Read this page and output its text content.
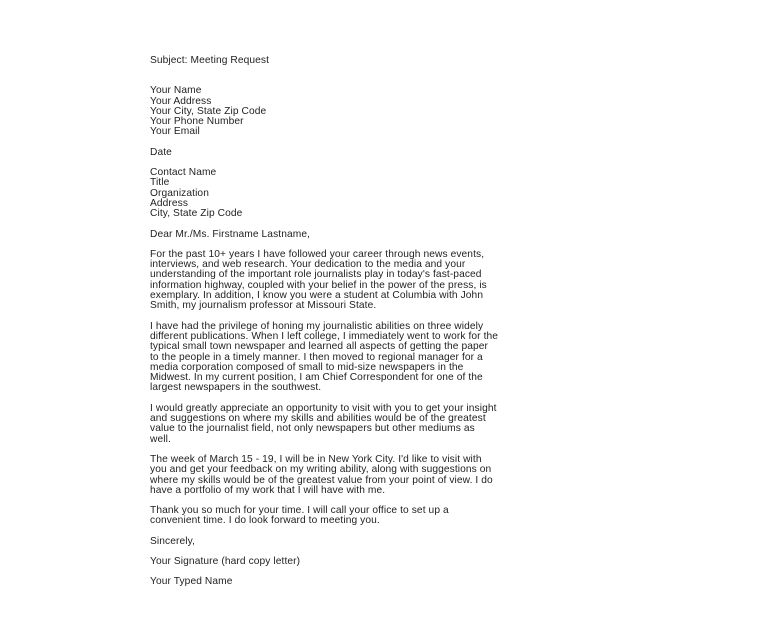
Subject: Meeting Request
Your Name
Your Address
Your City, State Zip Code
Your Phone Number
Your Email
Date
Contact Name
Title
Organization
Address
City, State Zip Code
Dear Mr./Ms. Firstname Lastname,
For the past 10+ years I have followed your career through news events,
interviews, and web research. Your dedication to the media and your
understanding of the important role journalists play in today's fast-paced
information highway, coupled with your belief in the power of the press, is
exemplary. In addition, I know you were a student at Columbia with John
Smith, my journalism professor at Missouri State.
I have had the privilege of honing my journalistic abilities on three widely
different publications. When I left college, I immediately went to work for the
typical small town newspaper and learned all aspects of getting the paper
to the people in a timely manner. I then moved to regional manager for a
media corporation composed of small to mid-size newspapers in the
Midwest. In my current position, I am Chief Correspondent for one of the
largest newspapers in the southwest.
I would greatly appreciate an opportunity to visit with you to get your insight
and suggestions on where my skills and abilities would be of the greatest
value to the journalist field, not only newspapers but other mediums as
well.
The week of March 15 - 19, I will be in New York City. I'd like to visit with
you and get your feedback on my writing ability, along with suggestions on
where my skills would be of the greatest value from your point of view. I do
have a portfolio of my work that I will have with me.
Thank you so much for your time. I will call your office to set up a
convenient time. I do look forward to meeting you.
Sincerely,
Your Signature (hard copy letter)
Your Typed Name
